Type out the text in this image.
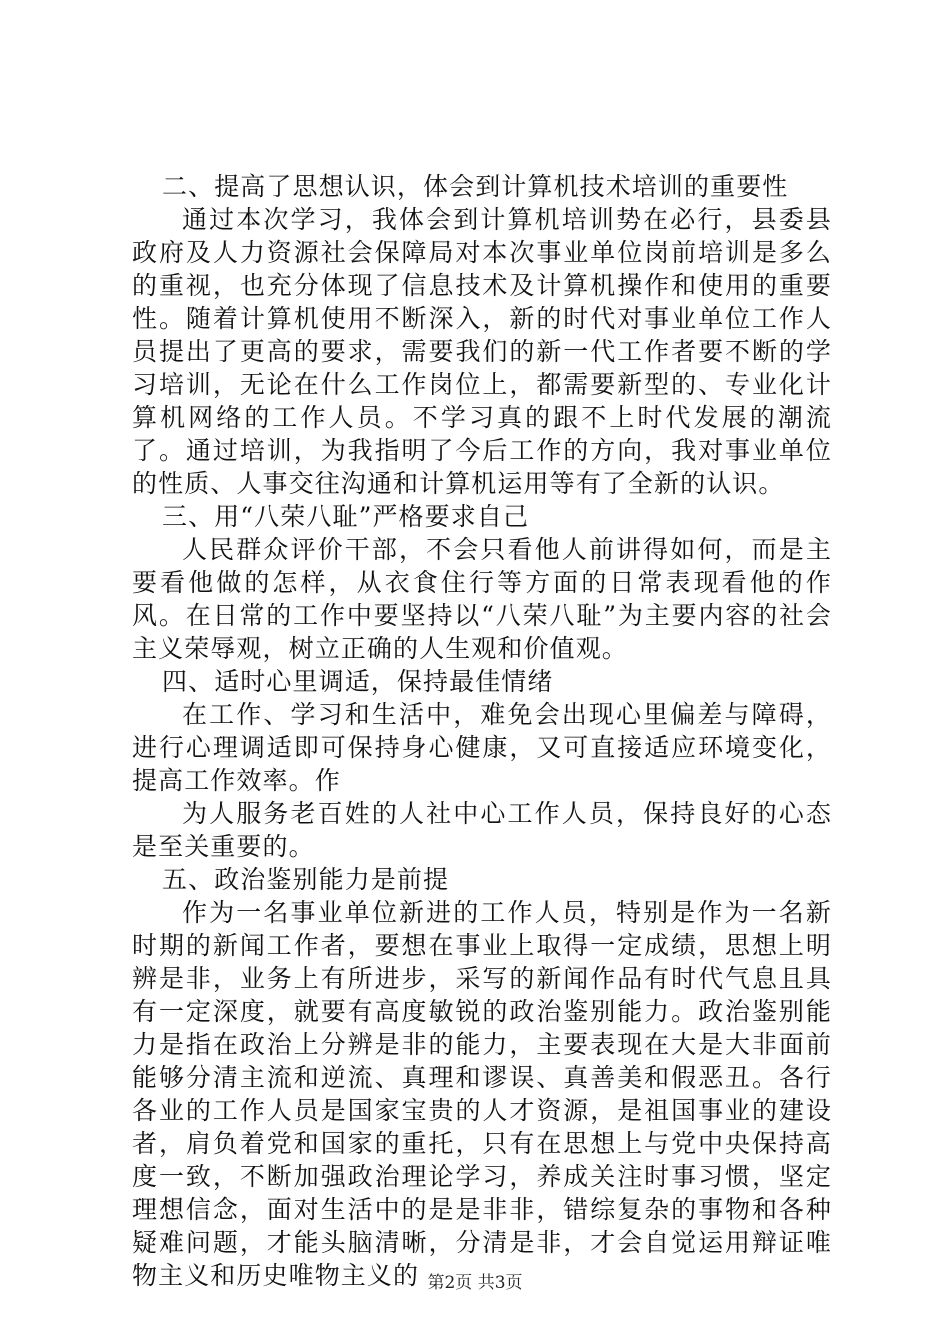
二、提高了思想认识，体会到计算机技术培训的重要性

通过本次学习，我体会到计算机培训势在必行，县委县政府及人力资源社会保障局对本次事业单位岗前培训是多么的重视，也充分体现了信息技术及计算机操作和使用的重要性。随着计算机使用不断深入，新的时代对事业单位工作人员提出了更高的要求，需要我们的新一代工作者要不断的学习培训，无论在什么工作岗位上，都需要新型的、专业化计算机网络的工作人员。不学习真的跟不上时代发展的潮流了。通过培训，为我指明了今后工作的方向，我对事业单位的性质、人事交往沟通和计算机运用等有了全新的认识。

三、用“八荣八耻”严格要求自己

人民群众评价干部，不会只看他人前讲得如何，而是主要看他做的怎样，从衣食住行等方面的日常表现看他的作风。在日常的工作中要坚持以“八荣八耻”为主要内容的社会主义荣辱观，树立正确的人生观和价值观。

四、适时心里调适，保持最佳情绪

在工作、学习和生活中，难免会出现心里偏差与障碍，进行心理调适即可保持身心健康，又可直接适应环境变化，提高工作效率。作

为人服务老百姓的人社中心工作人员，保持良好的心态是至关重要的。

五、政治鉴别能力是前提

作为一名事业单位新进的工作人员，特别是作为一名新时期的新闻工作者，要想在事业上取得一定成绩，思想上明辨是非，业务上有所进步，采写的新闻作品有时代气息且具有一定深度，就要有高度敏锐的政治鉴别能力。政治鉴别能力是指在政治上分辨是非的能力，主要表现在大是大非面前能够分清主流和逆流、真理和谬误、真善美和假恶丑。各行各业的工作人员是国家宝贵的人才资源，是祖国事业的建设者，肩负着党和国家的重托，只有在思想上与党中央保持高度一致，不断加强政治理论学习，养成关注时事习惯，坚定理想信念，面对生活中的是是非非，错综复杂的事物和各种疑难问题，才能头脑清晰，分清是非，才会自觉运用辩证唯物主义和历史唯物主义的 第2页 共3页
